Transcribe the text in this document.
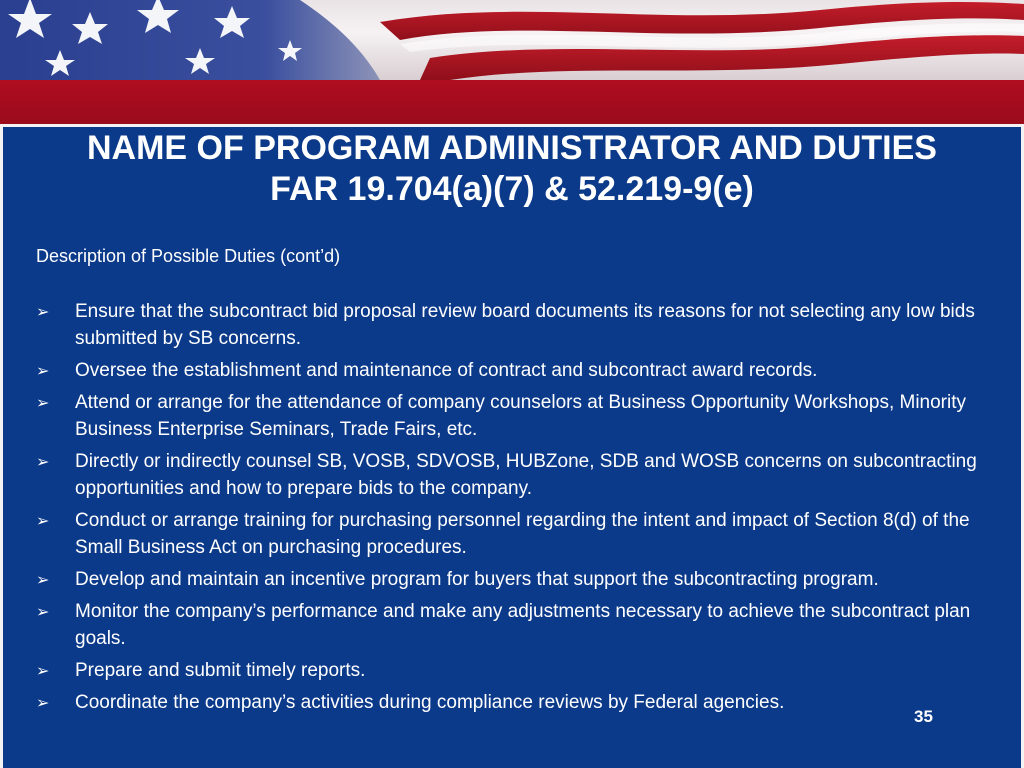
NAME OF PROGRAM ADMINISTRATOR AND DUTIES
FAR 19.704(a)(7) & 52.219-9(e)
Description of Possible Duties (cont’d)
➢ Ensure that the subcontract bid proposal review board documents its reasons for not selecting any low bids submitted by SB concerns.
➢ Oversee the establishment and maintenance of contract and subcontract award records.
➢ Attend or arrange for the attendance of company counselors at Business Opportunity Workshops, Minority Business Enterprise Seminars, Trade Fairs, etc.
➢ Directly or indirectly counsel SB, VOSB, SDVOSB, HUBZone, SDB and WOSB concerns on subcontracting opportunities and how to prepare bids to the company.
➢ Conduct or arrange training for purchasing personnel regarding the intent and impact of Section 8(d) of the Small Business Act on purchasing procedures.
➢ Develop and maintain an incentive program for buyers that support the subcontracting program.
➢ Monitor the company’s performance and make any adjustments necessary to achieve the subcontract plan goals.
➢ Prepare and submit timely reports.
➢ Coordinate the company’s activities during compliance reviews by Federal agencies.
35
